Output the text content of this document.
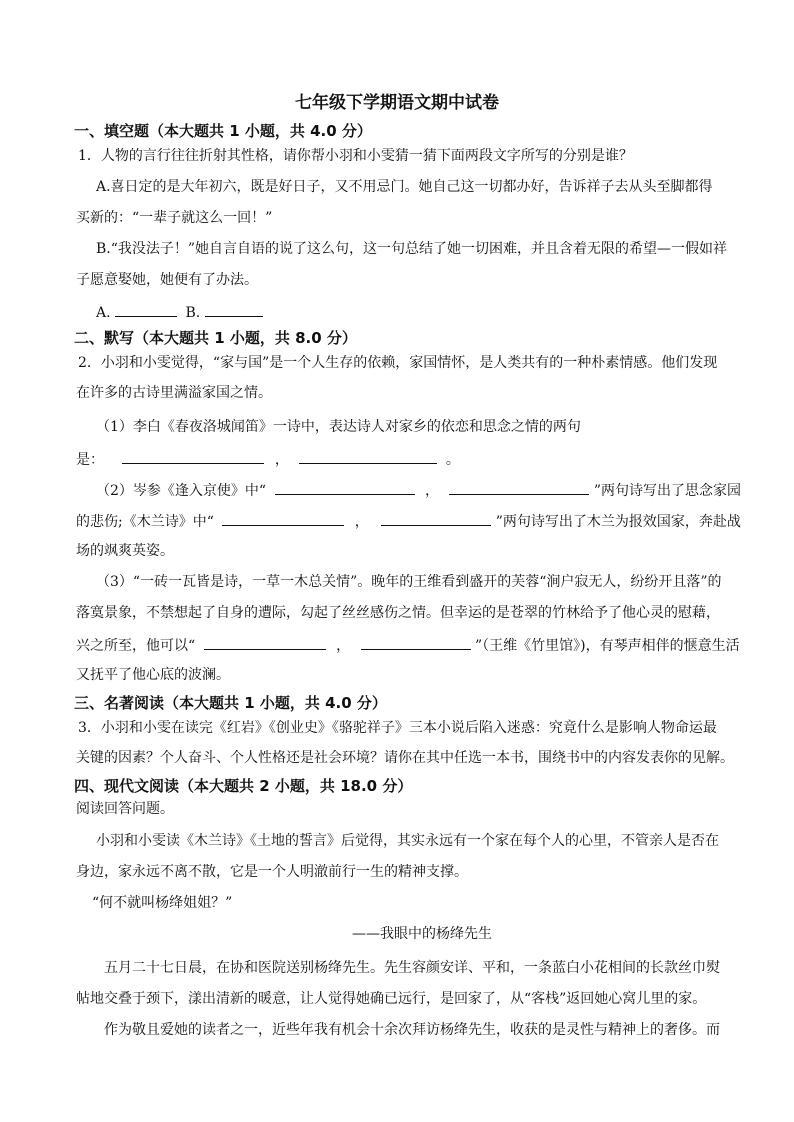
七年级下学期语文期中试卷
一、填空题（本大题共 1 小题，共 4.0 分）
1．人物的言行往往折射其性格，请你帮小羽和小雯猜一猜下面两段文字所写的分别是谁？
A.喜日定的是大年初六，既是好日子，又不用忌门。她自己这一切都办好，告诉祥子去从头至脚都得
买新的：“一辈子就这么一回！”
B.“我没法子！”她自言自语的说了这么句，这一句总结了她一切困难，并且含着无限的希望—一假如祥
子愿意娶她，她便有了办法。
A.	B.
二、默写（本大题共 1 小题，共 8.0 分）
2．小羽和小雯觉得，“家与国”是一个人生存的依赖，家国情怀，是人类共有的一种朴素情感。他们发现
在许多的古诗里满溢家国之情。
（1）李白《春夜洛城闻笛》一诗中，表达诗人对家乡的依恋和思念之情的两句
是：	，	。
（2）岑参《逢入京使》中“	，	”两句诗写出了思念家园
的悲伤;《木兰诗》中“	，	”两句诗写出了木兰为报效国家，奔赴战
场的飒爽英姿。
（3）“一砖一瓦皆是诗，一草一木总关情”。晚年的王维看到盛开的芙蓉“涧户寂无人，纷纷开且落”的
落寞景象，不禁想起了自身的遭际，勾起了丝丝感伤之情。但幸运的是苍翠的竹林给予了他心灵的慰藉，
兴之所至，他可以“	，	”（王维《竹里馆》)，有琴声相伴的惬意生活
又抚平了他心底的波澜。
三、名著阅读（本大题共 1 小题，共 4.0 分）
3．小羽和小雯在读完《红岩》《创业史》《骆驼祥子》三本小说后陷入迷惑：究竟什么是影响人物命运最
关键的因素？个人奋斗、个人性格还是社会环境？请你在其中任选一本书，围绕书中的内容发表你的见解。
四、现代文阅读（本大题共 2 小题，共 18.0 分）
阅读回答问题。
小羽和小雯读《木兰诗》《土地的誓言》后觉得，其实永远有一个家在每个人的心里，不管亲人是否在
身边，家永远不离不散，它是一个人明澈前行一生的精神支撑。
“何不就叫杨绛姐姐？”
——我眼中的杨绛先生
五月二十七日晨，在协和医院送别杨绛先生。先生容颜安详、平和，一条蓝白小花相间的长款丝巾熨
帖地交叠于颈下，漾出清新的暖意，让人觉得她确已远行，是回家了，从“客栈”返回她心窝儿里的家。
作为敬且爱她的读者之一，近些年我有机会十余次拜访杨绛先生，收获的是灵性与精神上的奢侈。而
